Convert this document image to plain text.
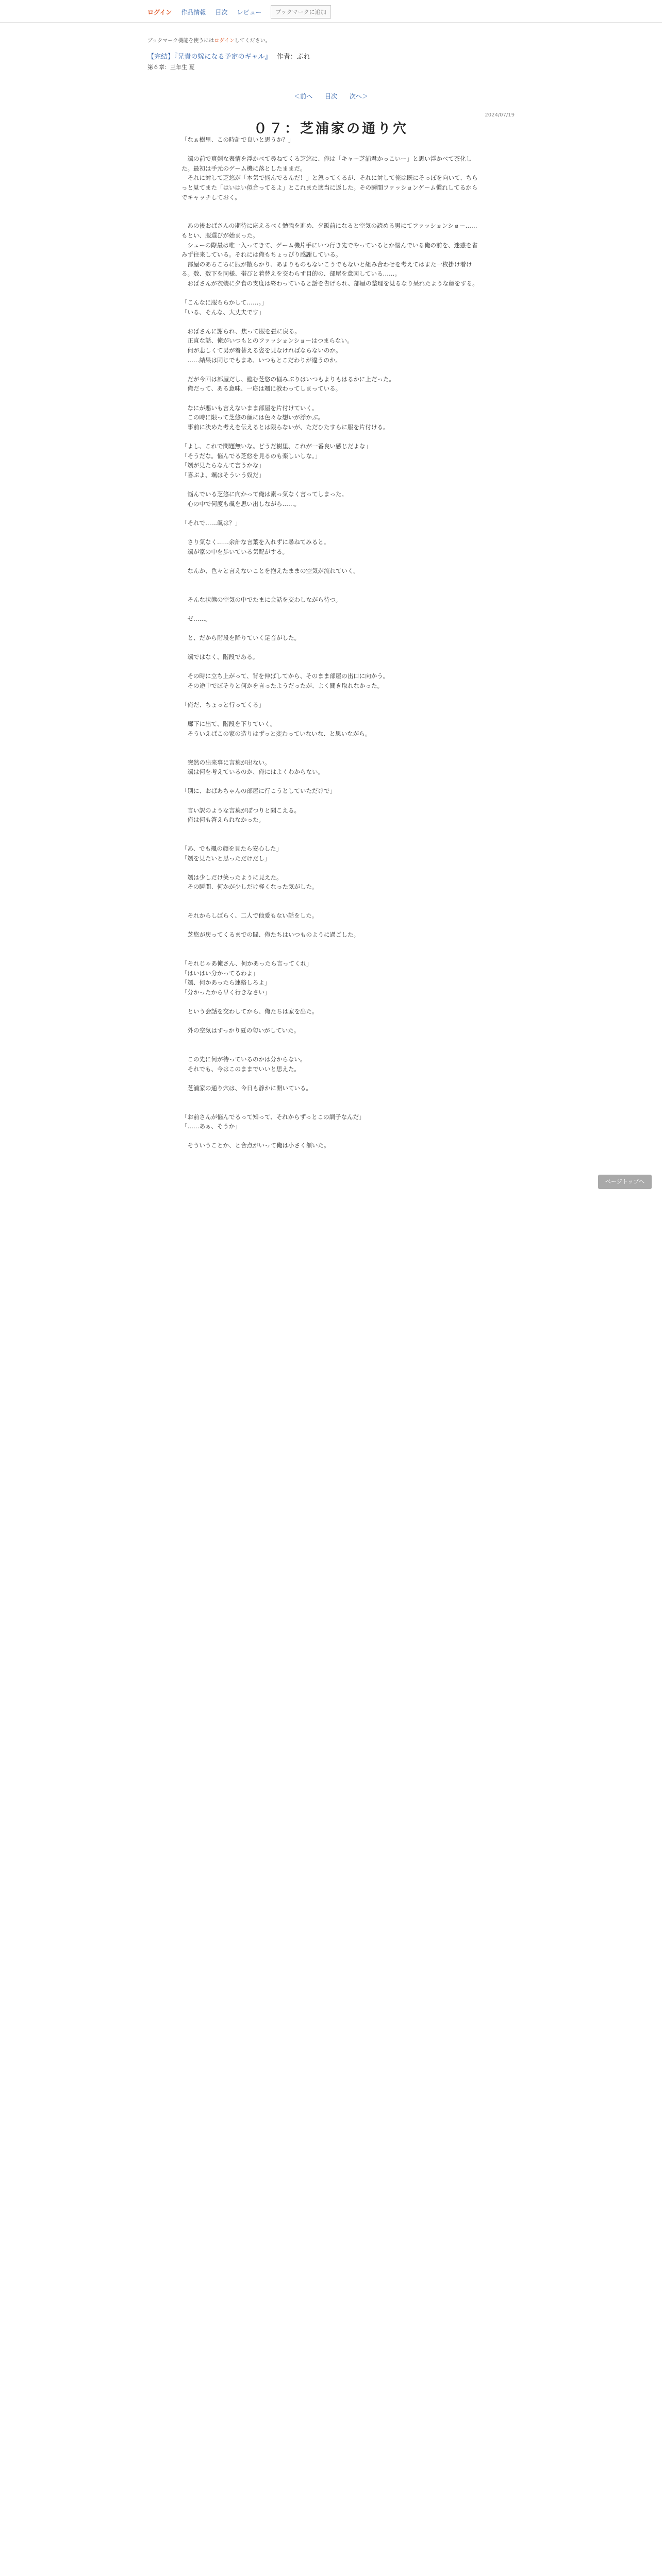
ログイン 作品情報 目次 レビュー	ブックマークに追加
ブックマーク機能を使うにはログインしてください。
【完結】『兄貴の嫁になる予定のギャル』 作者：ぷれ
第６章：三年生 夏
＜前へ 目次 次へ＞
2024/07/19
０７：芝浦家の通り穴

「なぁ樹里、この時計で良いと思うか？」

　颯の前で真剣な表情を浮かべて尋ねてくる芝悠に、俺は「キャー芝浦君かっこいー」と思い浮かべて茶化した。最初は手元のゲーム機に落としたままだ。

　それに対して芝悠が「本気で悩んでるんだ！」と怒ってくるが、それに対して俺は既にそっぽを向いて、ちらっと見てまた「はいはい似合ってるよ」とこれまた適当に返した。その瞬間ファッションゲーム慣れしてるからでキャッチしておく。

　あの後おばさんの期待に応えるべく勉強を進め、夕飯前になると空気の読める男にてファッションショー……もとい、服選びが始まった。

　シェーの際最は唯一入ってきて、ゲーム機片手にいつ行き先でやっているとか悩んでいる俺の前を、迷惑を省みず往来している。それには俺もちょっぴり感謝している。

　部屋のあちこちに服が散らかり、あまりものもないこうでもないと組み合わせを考えてはまた一枚掛け着ける。数、数下を同様、帯びと着替えを交わらす目的の、部屋を意図している……。

　おばさんが衣装に夕食の支度は終わっていると話を告げられ、部屋の整理を見るなり呆れたような顔をする。

「こんなに服ちらかして……。」

「いる、そんな、大丈夫です」

　おばさんに謝られ、焦って服を畳に戻る。

　正直な話、俺がいつもとのファッションショーはつまらない。

　何が悲しくて男が着替える姿を見なければならないのか。

　……結果は同じでもまあ、いつもとこだわりが違うのか。

　だが今回は部屋だし、臨む芝悠の悩みぶりはいつもよりもはるかに上だった。

　俺だって、ある意味、一応は颯に教わってしまっている。

　なにが悪いも言えないまま部屋を片付けていく。

　この時に限って芝悠の顔には色々な想いが浮かぶ。

　事前に決めた考えを伝えるとは限らないが、ただひたすらに服を片付ける。

「よし、これで問題無いな。どうだ樹里、これが一番良い感じだよな」

「そうだな。悩んでる芝悠を見るのも楽しいしな。」

「颯が見たらなんて言うかな」

「喜ぶよ、颯はそういう奴だ」

　悩んでいる芝悠に向かって俺は素っ気なく言ってしまった。

　心の中で何度も颯を思い出しながら……。

「それで……颯は？」

　さり気なく……余計な言葉を入れずに尋ねてみると。

　颯が家の中を歩いている気配がする。

　なんか、色々と言えないことを抱えたままの空気が流れていく。

　そんな状態の空気の中でたまに会話を交わしながら待つ。

　ゼ……。

　と、だから階段を降りていく足音がした。

　颯ではなく、階段である。

　その時に立ち上がって、背を伸ばしてから、そのまま部屋の出口に向かう。

　その途中でぼそりと何かを言ったようだったが、よく聞き取れなかった。

「俺だ、ちょっと行ってくる」

　廊下に出て、階段を下りていく。

　そういえばこの家の造りはずっと変わっていないな、と思いながら。

　突然の出来事に言葉が出ない。

　颯は何を考えているのか、俺にはよくわからない。

「別に、おばあちゃんの部屋に行こうとしていただけで」

　言い訳のような言葉がぽつりと聞こえる。

　俺は何も答えられなかった。

「あ、でも颯の顔を見たら安心した」

「颯を見たいと思っただけだし」

　颯は少しだけ笑ったように見えた。

　その瞬間、何かが少しだけ軽くなった気がした。

　それからしばらく、二人で他愛もない話をした。

　芝悠が戻ってくるまでの間、俺たちはいつものように過ごした。

「それじゃあ俺さん、何かあったら言ってくれ」

「はいはい分かってるわよ」

「颯、何かあったら連絡しろよ」

「分かったから早く行きなさい」

　という会話を交わしてから、俺たちは家を出た。

　外の空気はすっかり夏の匂いがしていた。

　この先に何が待っているのかは分からない。

　それでも、今はこのままでいいと思えた。

　芝浦家の通り穴は、今日も静かに開いている。

「お前さんが悩んでるって知って、それからずっとこの調子なんだ」

「……あぁ、そうか」

　そういうことか、と合点がいって俺は小さく頷いた。

ページトップへ
